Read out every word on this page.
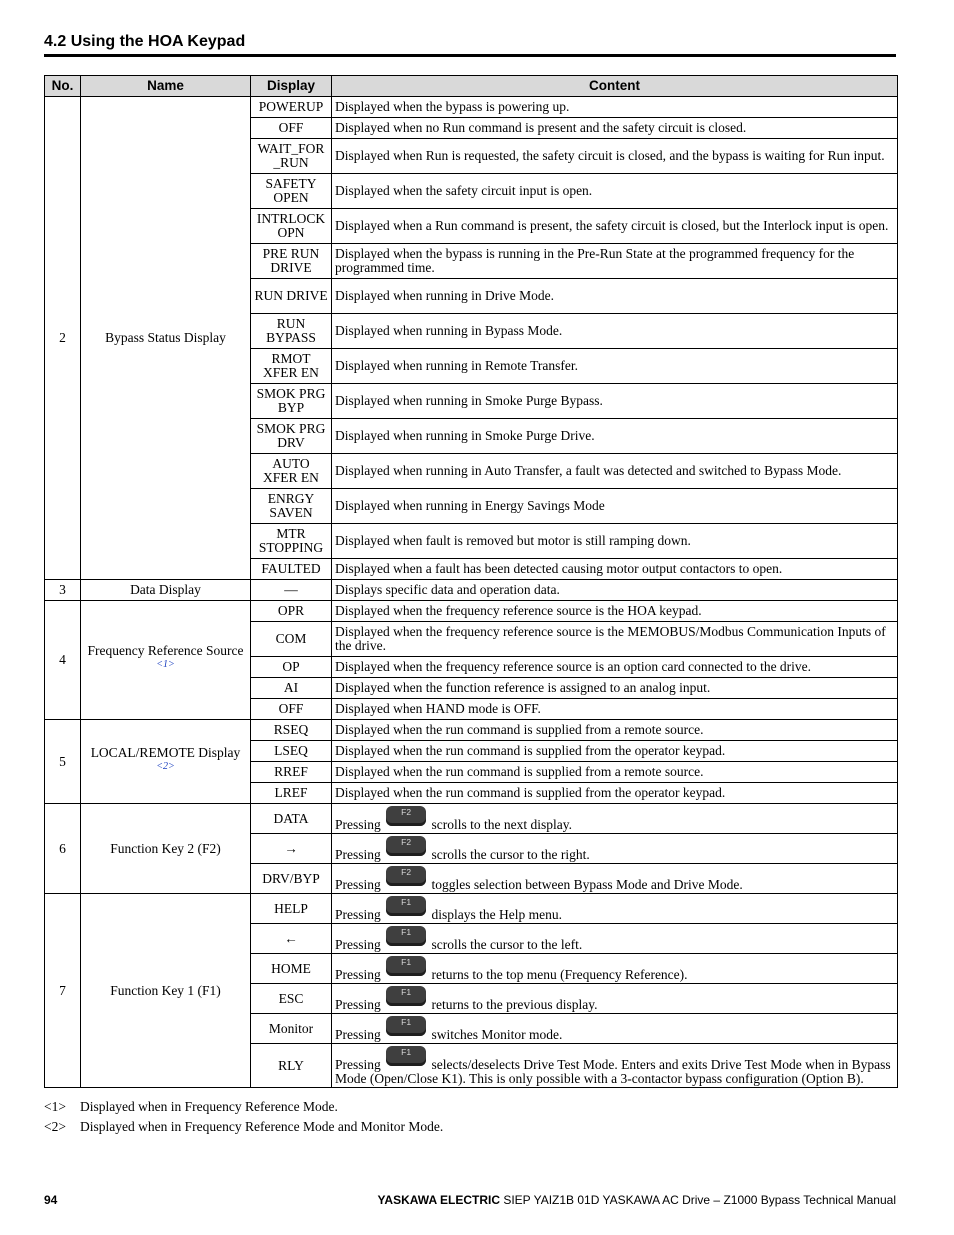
4.2 Using the HOA Keypad
No.	Name	Display	Content
2	Bypass Status Display	POWERUP	Displayed when the bypass is powering up.
		OFF	Displayed when no Run command is present and the safety circuit is closed.
		WAIT_FOR _RUN	Displayed when Run is requested, the safety circuit is closed, and the bypass is waiting for Run input.
		SAFETY OPEN	Displayed when the safety circuit input is open.
		INTRLOCK OPN	Displayed when a Run command is present, the safety circuit is closed, but the Interlock input is open.
		PRE RUN DRIVE	Displayed when the bypass is running in the Pre-Run State at the programmed frequency for the programmed time.
		RUN DRIVE	Displayed when running in Drive Mode.
		RUN BYPASS	Displayed when running in Bypass Mode.
		RMOT XFER EN	Displayed when running in Remote Transfer.
		SMOK PRG BYP	Displayed when running in Smoke Purge Bypass.
		SMOK PRG DRV	Displayed when running in Smoke Purge Drive.
		AUTO XFER EN	Displayed when running in Auto Transfer, a fault was detected and switched to Bypass Mode.
		ENRGY SAVEN	Displayed when running in Energy Savings Mode
		MTR STOPPING	Displayed when fault is removed but motor is still ramping down.
		FAULTED	Displayed when a fault has been detected causing motor output contactors to open.
3	Data Display	—	Displays specific data and operation data.
4	Frequency Reference Source $^{<1>}$	OPR	Displayed when the frequency reference source is the HOA keypad.
		COM	Displayed when the frequency reference source is the MEMOBUS/Modbus Communication Inputs of the drive.
		OP	Displayed when the frequency reference source is an option card connected to the drive.
		AI	Displayed when the function reference is assigned to an analog input.
		OFF	Displayed when HAND mode is OFF.
5	LOCAL/REMOTE Display $^{<2>}$	RSEQ	Displayed when the run command is supplied from a remote source.
		LSEQ	Displayed when the run command is supplied from the operator keypad.
		RREF	Displayed when the run command is supplied from a remote source.
		LREF	Displayed when the run command is supplied from the operator keypad.
6	Function Key 2 (F2)	DATA	Pressing
F2
scrolls to the next display.
		→	Pressing
F2
scrolls the cursor to the right.
		DRV/BYP	Pressing
F2
toggles selection between Bypass Mode and Drive Mode.
7	Function Key 1 (F1)	HELP	Pressing
F1
displays the Help menu.
		←	Pressing
F1
scrolls the cursor to the left.
		HOME	Pressing
F1
returns to the top menu (Frequency Reference).
		ESC	Pressing
F1
returns to the previous display.
		Monitor	Pressing
F1
switches Monitor mode.
		RLY	Pressing
F1
selects/deselects Drive Test Mode. Enters and exits Drive Test Mode when in Bypass Mode (Open/Close K1). This is only possible with a 3-contactor bypass configuration (Option B).
<1>	Displayed when in Frequency Reference Mode.
<2>	Displayed when in Frequency Reference Mode and Monitor Mode.
94	YASKAWA ELECTRIC SIEP YAIZ1B 01D YASKAWA AC Drive – Z1000 Bypass Technical Manual
